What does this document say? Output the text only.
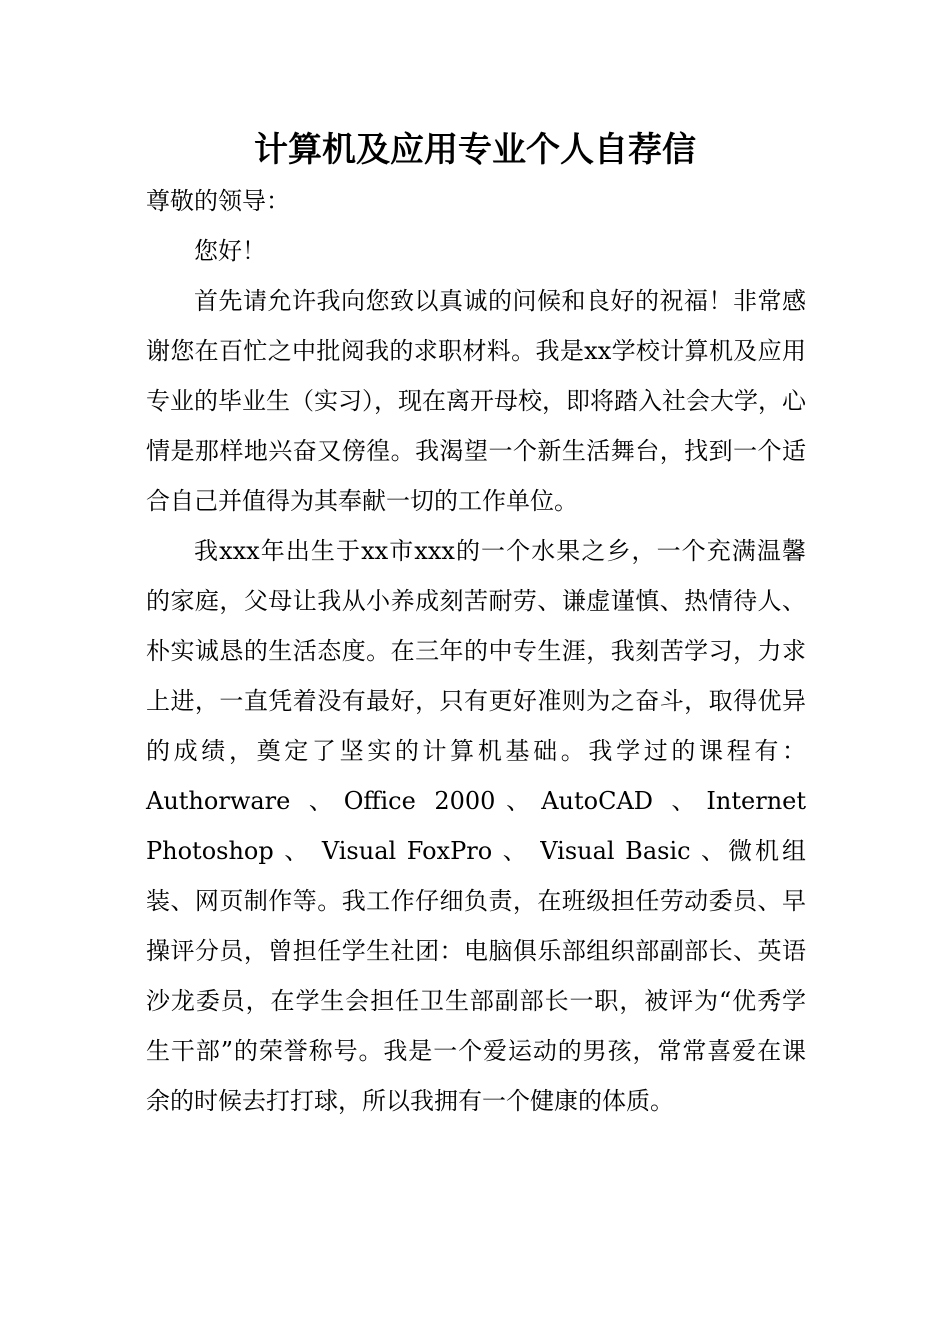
计算机及应用专业个人自荐信

尊敬的领导：

您好！

首先请允许我向您致以真诚的问候和良好的祝福！非常感谢您在百忙之中批阅我的求职材料。我是xx学校计算机及应用专业的毕业生（实习），现在离开母校，即将踏入社会大学，心情是那样地兴奋又傍徨。我渴望一个新生活舞台，找到一个适合自己并值得为其奉献一切的工作单位。

我xxx年出生于xx市xxx的一个水果之乡，一个充满温馨的家庭，父母让我从小养成刻苦耐劳、谦虚谨慎、热情待人、朴实诚恳的生活态度。在三年的中专生涯，我刻苦学习，力求上进，一直凭着没有最好，只有更好准则为之奋斗，取得优异的成绩，奠定了坚实的计算机基础。我学过的课程有：Authorware 、Office 2000、AutoCAD 、Internet Photoshop 、 Visual FoxPro 、 Visual Basic 、微机组装、网页制作等。我工作仔细负责，在班级担任劳动委员、早操评分员，曾担任学生社团：电脑俱乐部组织部副部长、英语沙龙委员，在学生会担任卫生部副部长一职，被评为“优秀学生干部”的荣誉称号。我是一个爱运动的男孩，常常喜爱在课余的时候去打打球，所以我拥有一个健康的体质。
